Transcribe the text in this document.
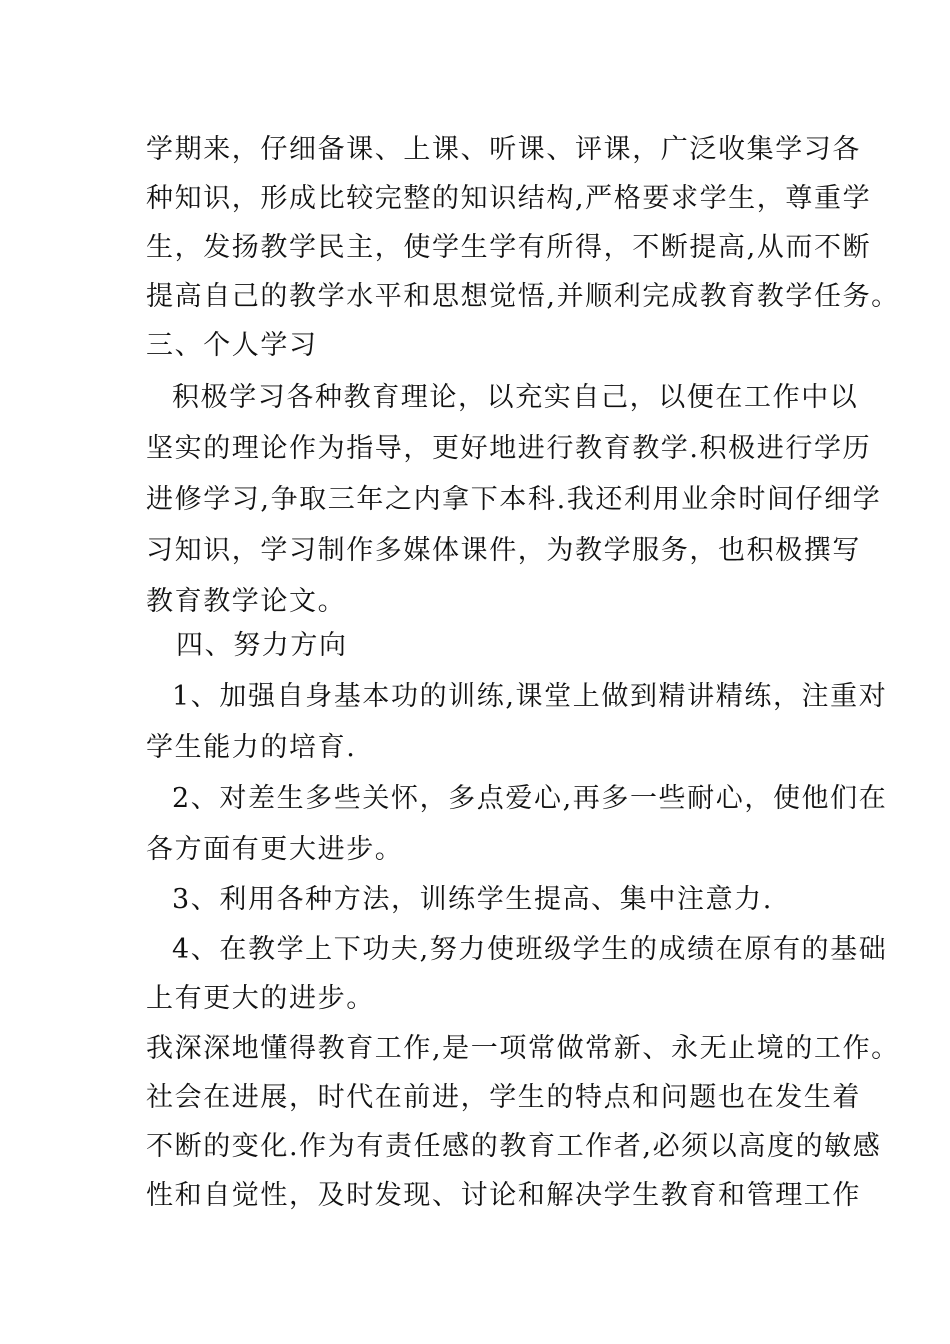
学期来，仔细备课、上课、听课、评课，广泛收集学习各
种知识，形成比较完整的知识结构,严格要求学生，尊重学
生，发扬教学民主，使学生学有所得，不断提高,从而不断
提高自己的教学水平和思想觉悟,并顺利完成教育教学任务。
三、个人学习
积极学习各种教育理论，以充实自己，以便在工作中以
坚实的理论作为指导，更好地进行教育教学.积极进行学历
进修学习,争取三年之内拿下本科.我还利用业余时间仔细学
习知识，学习制作多媒体课件，为教学服务，也积极撰写
教育教学论文。
四、努力方向
1、加强自身基本功的训练,课堂上做到精讲精练，注重对
学生能力的培育.
2、对差生多些关怀，多点爱心,再多一些耐心，使他们在
各方面有更大进步。
3、利用各种方法，训练学生提高、集中注意力.
4、在教学上下功夫,努力使班级学生的成绩在原有的基础
上有更大的进步。
我深深地懂得教育工作,是一项常做常新、永无止境的工作。
社会在进展，时代在前进，学生的特点和问题也在发生着
不断的变化.作为有责任感的教育工作者,必须以高度的敏感
性和自觉性，及时发现、讨论和解决学生教育和管理工作
